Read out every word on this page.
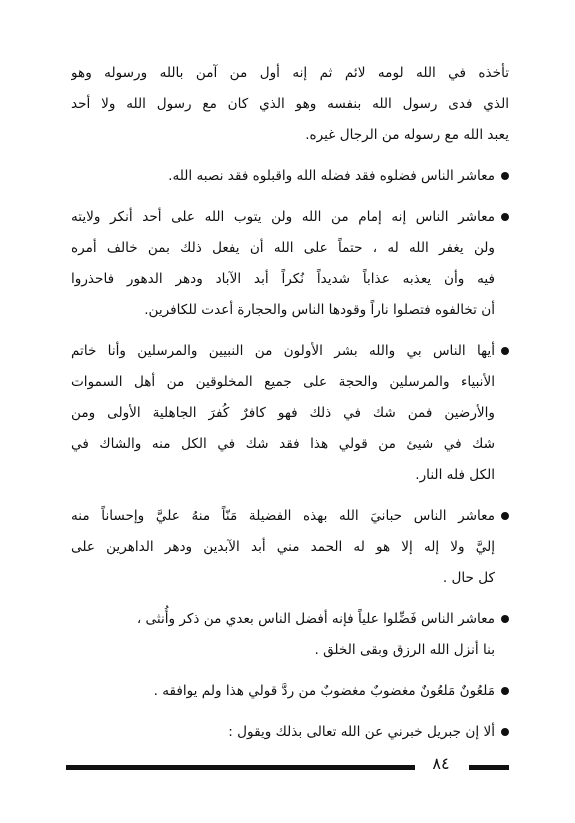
تأخذه في الله لومه لائم ثم إنه أول من آمن بالله ورسوله وهو
الذي فدى رسول الله بنفسه وهو الذي كان مع رسول الله ولا أحد
يعبد الله مع رسوله من الرجال غيره.
معاشر الناس فضلوه فقد فضله الله واقبلوه فقد نصبه الله.
معاشر الناس إنه إمام من الله ولن يتوب الله على أحد أنكر ولايته
ولن يغفر الله له ، حتماً على الله أن يفعل ذلك بمن خالف أمره
فيه وأن يعذبه عذاباً شديداً نُكراً أبد الآباد ودهر الدهور فاحذروا
أن تخالفوه فتصلوا ناراً وقودها الناس والحجارة أعدت للكافرين.
أيها الناس بي والله بشر الأولون من النبيين والمرسلين وأنا خاتم
الأنبياء والمرسلين والحجة على جميع المخلوقين من أهل السموات
والأرضين فمن شك في ذلك فهو كافرٌ كُفرَ الجاهلية الأولى ومن
شك في شيئ من قولي هذا فقد شك في الكل منه والشاك في
الكل فله النار.
معاشر الناس حبانيَ الله بهذه الفضيلة مَنّاً منهُ عليَّ وإحساناً منه
إليَّ ولا إله إلا هو له الحمد مني أبد الآبدين ودهر الداهرين على
كل حال .
معاشر الناس فَضِّلوا علياً فإنه أفضل الناس بعدي من ذكر وأُنثى ،
بنا أنزل الله الرزق وبقى الخلق .
مَلعُونٌ مَلعُونٌ مغضوبٌ مغضوبٌ من ردَّ قولي هذا ولم يوافقه .
ألا إن جبريل خبرني عن الله تعالى بذلك ويقول :
٨٤
